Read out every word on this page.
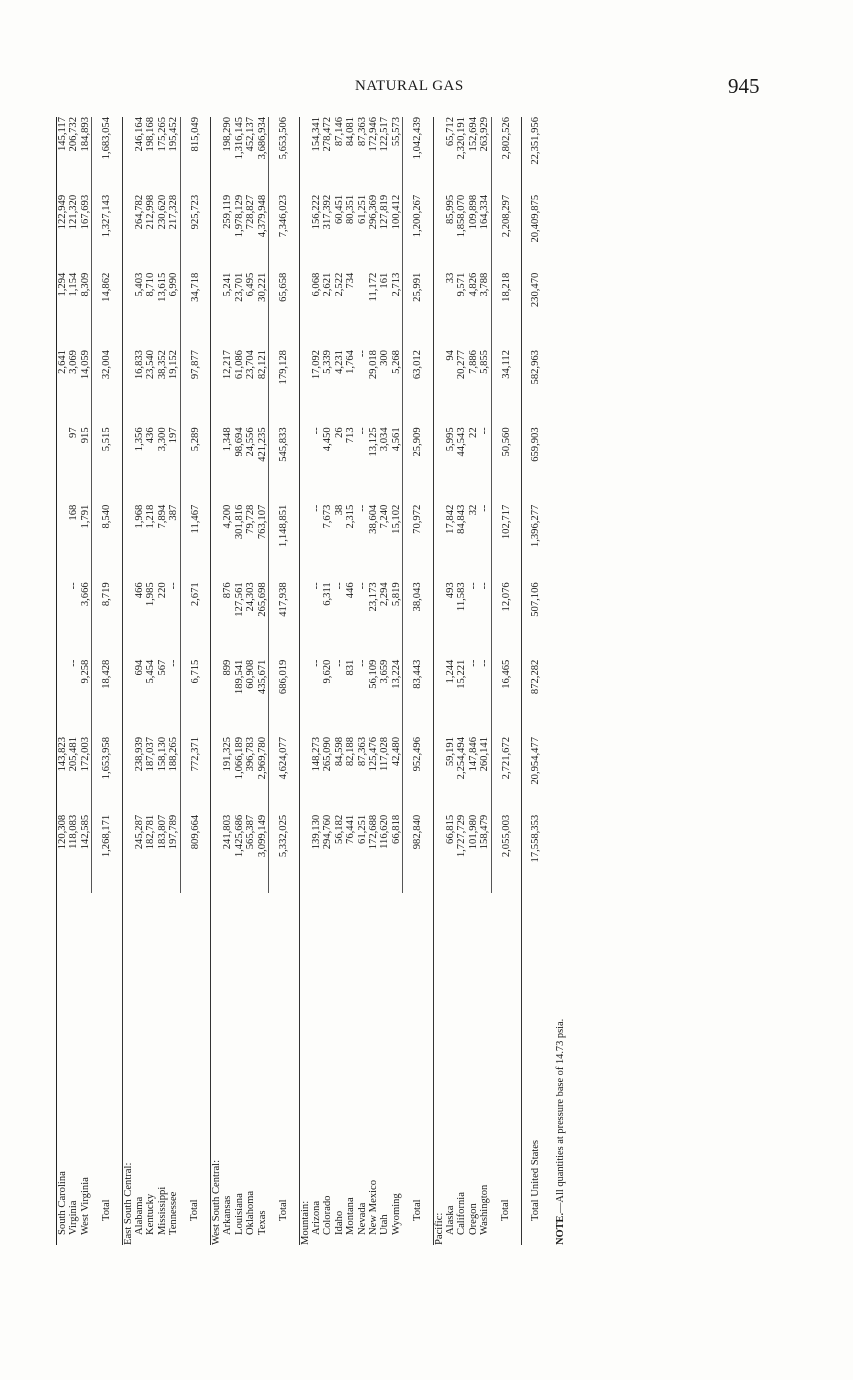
NATURAL GAS	945
South Carolina	120,308	143,823					2,641	1,294	122,949	145,117
Virginia	118,083	205,481	--	--	168	97	3,069	1,154	121,320	206,732
West Virginia	142,585	172,003	9,258	3,666	1,791	915	14,059	8,309	167,693	184,893
Total	1,268,171	1,653,958	18,428	8,719	8,540	5,515	32,004	14,862	1,327,143	1,683,054
East South Central:										
Alabama	245,287	238,939	694	466	1,968	1,356	16,833	5,403	264,782	246,164
Kentucky	182,781	187,037	5,454	1,985	1,218	436	23,540	8,710	212,998	198,168
Mississippi	183,807	158,130	567	220	7,894	3,300	38,352	13,615	230,620	175,265
Tennessee	197,789	188,265	--	--	387	197	19,152	6,990	217,328	195,452
Total	809,664	772,371	6,715	2,671	11,467	5,289	97,877	34,718	925,723	815,049
West South Central:										
Arkansas	241,803	191,325	899	876	4,200	1,348	12,217	5,241	259,119	198,290
Louisiana	1,425,686	1,066,189	189,541	127,561	301,816	98,694	61,086	23,701	1,978,129	1,316,145
Oklahoma	565,387	396,783	60,908	24,303	79,728	24,556	23,704	6,495	728,827	452,137
Texas	3,099,149	2,969,780	435,671	265,698	763,107	421,235	82,121	30,221	4,379,948	3,686,934
Total	5,332,025	4,624,077	686,019	417,938	1,148,851	545,833	179,128	65,658	7,346,023	5,653,506
Mountain:										
Arizona	139,130	148,273	--	--	--	--	17,092	6,068	156,222	154,341
Colorado	294,760	265,090	9,620	6,311	7,673	4,450	5,339	2,621	317,392	278,472
Idaho	56,182	84,598	--	--	38	26	4,231	2,522	60,451	87,146
Montana	76,441	82,188	831	446	2,315	713	1,764	734	80,351	84,081
Nevada	61,251	87,363	--	--	--	--	--		61,251	87,363
New Mexico	172,688	125,476	56,109	23,173	38,604	13,125	29,018	11,172	296,369	172,946
Utah	116,620	117,028	3,659	2,294	7,240	3,034	300	161	127,819	122,517
Wyoming	66,818	42,480	13,224	5,819	15,102	4,561	5,268	2,713	100,412	55,573
Total	982,840	952,496	83,443	38,043	70,972	25,909	63,012	25,991	1,200,267	1,042,439
Pacific:										
Alaska	66,815	59,191	1,244	493	17,842	5,995	94	33	85,995	65,712
California	1,727,729	2,254,494	15,221	11,583	84,843	44,543	20,277	9,571	1,858,070	2,320,191
Oregon	101,980	147,846	--	--	32	22	7,886	4,826	109,898	152,694
Washington	158,479	260,141	--	--	--	--	5,855	3,788	164,334	263,929
Total	2,055,003	2,721,672	16,465	12,076	102,717	50,560	34,112	18,218	2,208,297	2,802,526
Total United States	17,558,353	20,954,477	872,282	507,106	1,396,277	659,903	582,963	230,470	20,409,875	22,351,956
NOTE.—All quantities at pressure base of 14.73 psia.
